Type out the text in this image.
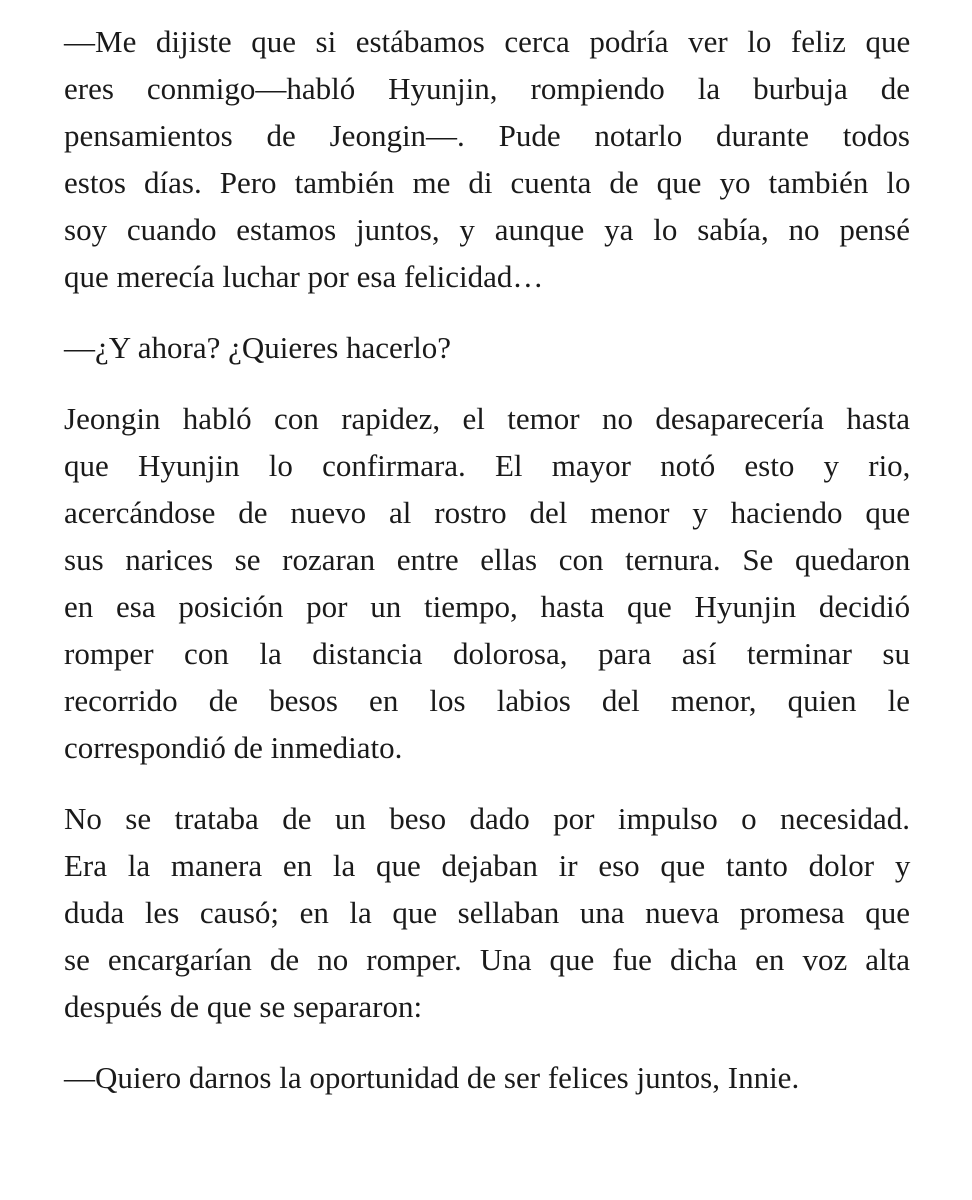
—Me dijiste que si estábamos cerca podría ver lo feliz que
eres conmigo—habló Hyunjin, rompiendo la burbuja de
pensamientos de Jeongin—. Pude notarlo durante todos
estos días. Pero también me di cuenta de que yo también lo
soy cuando estamos juntos, y aunque ya lo sabía, no pensé
que merecía luchar por esa felicidad…
—¿Y ahora? ¿Quieres hacerlo?
Jeongin habló con rapidez, el temor no desaparecería hasta
que Hyunjin lo confirmara. El mayor notó esto y rio,
acercándose de nuevo al rostro del menor y haciendo que
sus narices se rozaran entre ellas con ternura. Se quedaron
en esa posición por un tiempo, hasta que Hyunjin decidió
romper con la distancia dolorosa, para así terminar su
recorrido de besos en los labios del menor, quien le
correspondió de inmediato.
No se trataba de un beso dado por impulso o necesidad.
Era la manera en la que dejaban ir eso que tanto dolor y
duda les causó; en la que sellaban una nueva promesa que
se encargarían de no romper. Una que fue dicha en voz alta
después de que se separaron:
—Quiero darnos la oportunidad de ser felices juntos, Innie.
